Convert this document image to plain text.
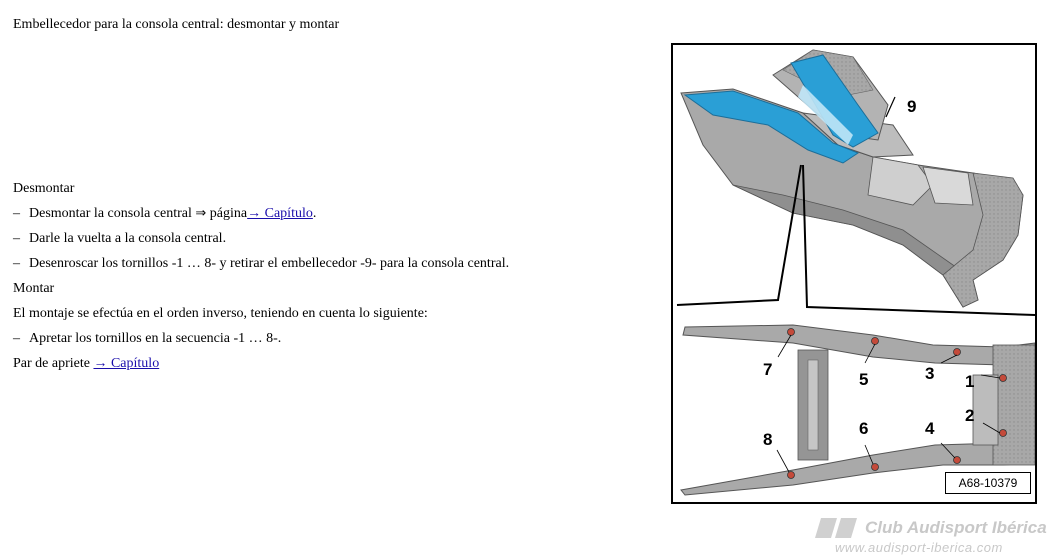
Embellecedor para la consola central: desmontar y montar
Desmontar
– Desmontar la consola central ⇒ página→ Capítulo.
– Darle la vuelta a la consola central.
– Desenroscar los tornillos -1 … 8- y retirar el embellecedor -9- para la consola central.
Montar
El montaje se efectúa en el orden inverso, teniendo en cuenta lo siguiente:
– Apretar los tornillos en la secuencia -1 … 8-.
Par de apriete → Capítulo
9
7
5	3 1
2
8
6	4
A68-10379
Club Audisport Ibérica
www.audisport-iberica.com
